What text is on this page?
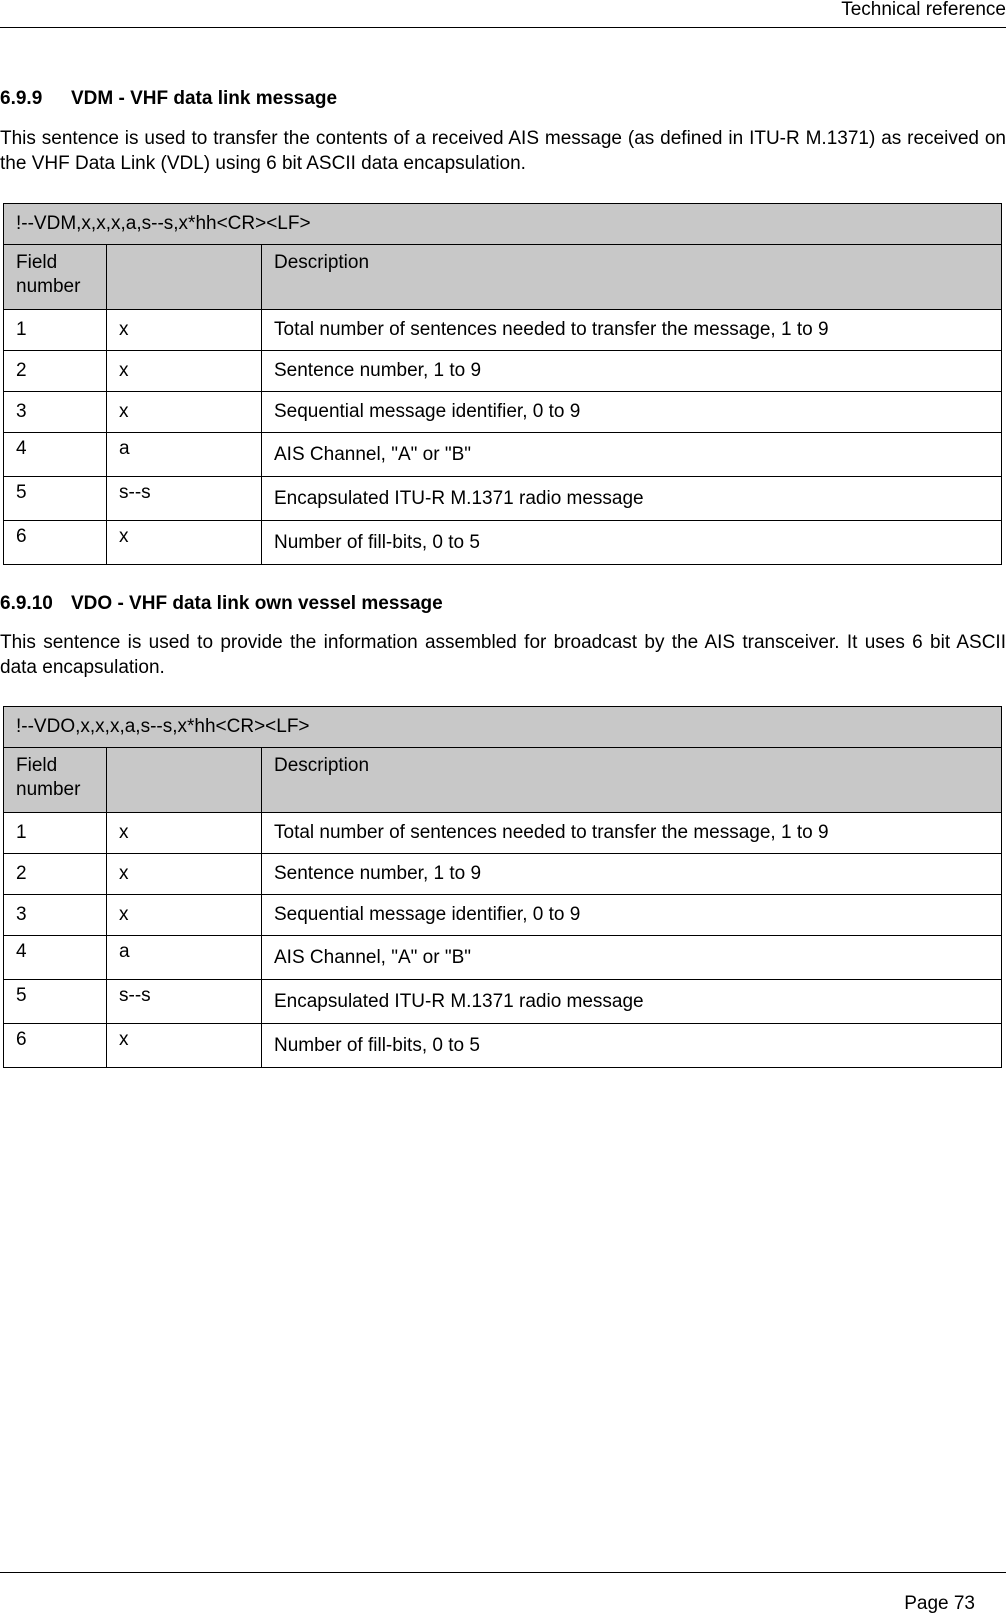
Technical reference
6.9.9 VDM - VHF data link message
This sentence is used to transfer the contents of a received AIS message (as defined in ITU-R M.1371) as received on the VHF Data Link (VDL) using 6 bit ASCII data encapsulation.
!--VDM,x,x,x,a,s--s,x*hh<CR><LF>		
Field number		Description
1	x	Total number of sentences needed to transfer the message, 1 to 9
2	x	Sentence number, 1 to 9
3	x	Sequential message identifier, 0 to 9
4	a	AIS Channel, "A" or "B"
5	s--s	Encapsulated ITU-R M.1371 radio message
6	x	Number of fill-bits, 0 to 5
6.9.10 VDO - VHF data link own vessel message
This sentence is used to provide the information assembled for broadcast by the AIS transceiver. It uses 6 bit ASCII data encapsulation.
!--VDO,x,x,x,a,s--s,x*hh<CR><LF>		
Field number		Description
1	x	Total number of sentences needed to transfer the message, 1 to 9
2	x	Sentence number, 1 to 9
3	x	Sequential message identifier, 0 to 9
4	a	AIS Channel, "A" or "B"
5	s--s	Encapsulated ITU-R M.1371 radio message
6	x	Number of fill-bits, 0 to 5
Page 73
